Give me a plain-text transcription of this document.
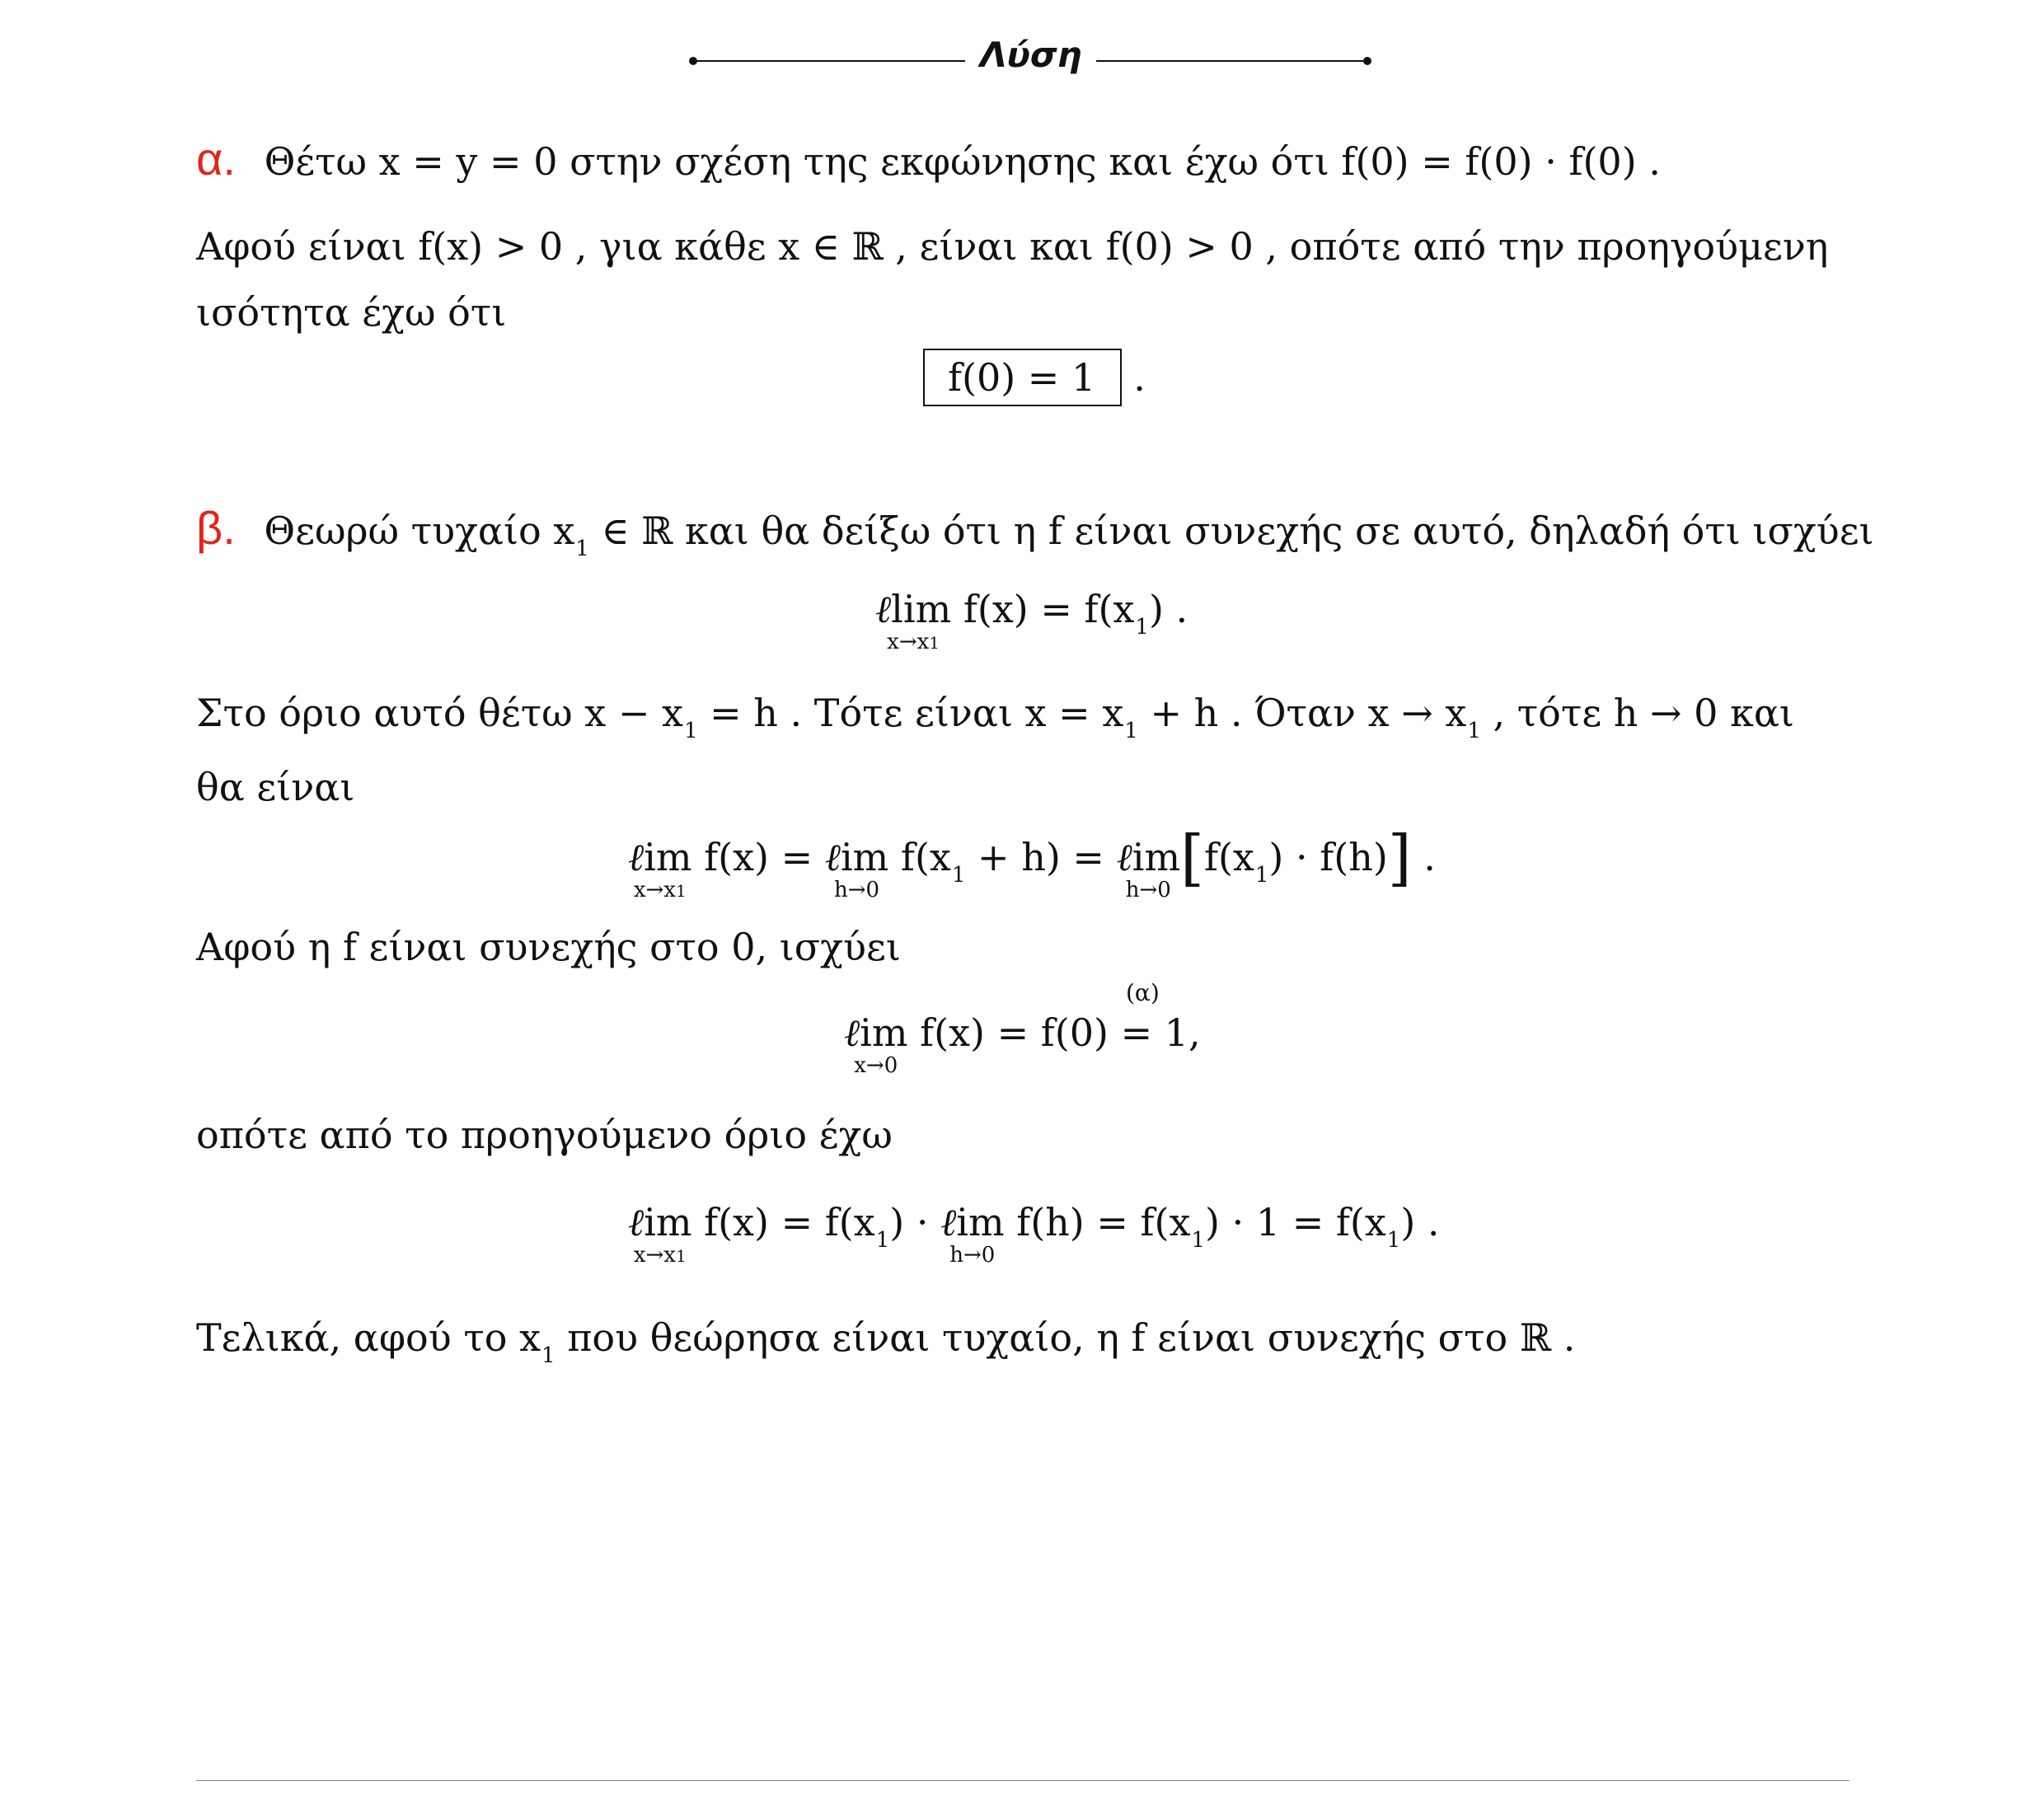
Λύση
α. Θέτω x = y = 0 στην σχέση της εκφώνησης και έχω ότι f(0) = f(0) · f(0) .
Αφού είναι f(x) > 0 , για κάθε x ∈ ℝ , είναι και f(0) > 0 , οπότε από την προηγούμενη
ισότητα έχω ότι
f(0) = 1 .
β. Θεωρώ τυχαίο $x_1$ ∈ ℝ και θα δείξω ότι η f είναι συνεχής σε αυτό, δηλαδή ότι ισχύει
ℓlim
x→x1
$f(x) = f(x_1)$ .
Στο όριο αυτό θέτω $x - x_1 = h$ . Τότε είναι $x = x_1 + h$ . Όταν $x \to x_1$ , τότε h → 0 και
θα είναι
ℓim
x→x1
f(x) = ℓim
h→0
$f(x_1 + h)$ = ℓim
h→0 $[f(x_1) \cdot f(h)]$ .
Αφού η f είναι συνεχής στο 0, ισχύει
(α)
ℓim
x→0
f(x) = f(0) = 1,
οπότε από το προηγούμενο όριο έχω
ℓim
x→x1
$f(x) = f(x_1)$ · ℓim
h→0
$f(h) = f(x_1) \cdot 1 = f(x_1)$ .
Τελικά, αφού το $x_1$ που θεώρησα είναι τυχαίο, η f είναι συνεχής στο ℝ .
